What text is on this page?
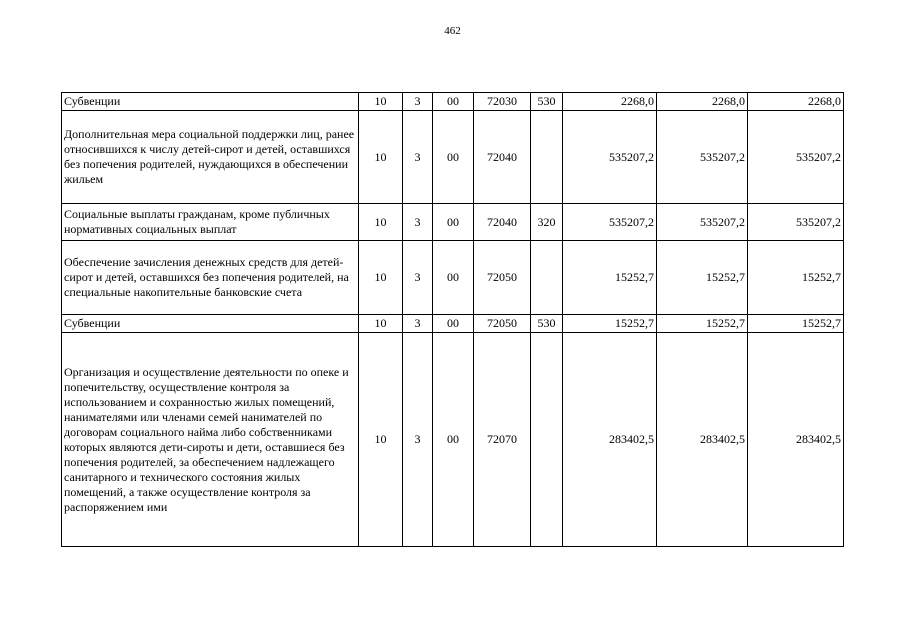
462
Субвенции	10	3	00	72030	530	2268,0	2268,0	2268,0
Дополнительная мера социальной поддержки лиц, ранее относившихся к числу детей-сирот и детей, оставшихся без попечения родителей, нуждающихся в обеспечении жильем	10	3	00	72040		535207,2	535207,2	535207,2
Социальные выплаты гражданам, кроме публичных нормативных социальных выплат	10	3	00	72040	320	535207,2	535207,2	535207,2
Обеспечение зачисления денежных средств для детей-сирот и детей, оставшихся без попечения родителей, на специальные накопительные банковские счета	10	3	00	72050		15252,7	15252,7	15252,7
Субвенции	10	3	00	72050	530	15252,7	15252,7	15252,7
Организация и осуществление деятельности по опеке и попечительству, осуществление контроля за использованием и сохранностью жилых помещений, нанимателями или членами семей нанимателей по договорам социального найма либо собственниками которых являются дети-сироты и дети, оставшиеся без попечения родителей, за обеспечением надлежащего санитарного и технического состояния жилых помещений, а также осуществление контроля за распоряжением ими	10	3	00	72070		283402,5	283402,5	283402,5
